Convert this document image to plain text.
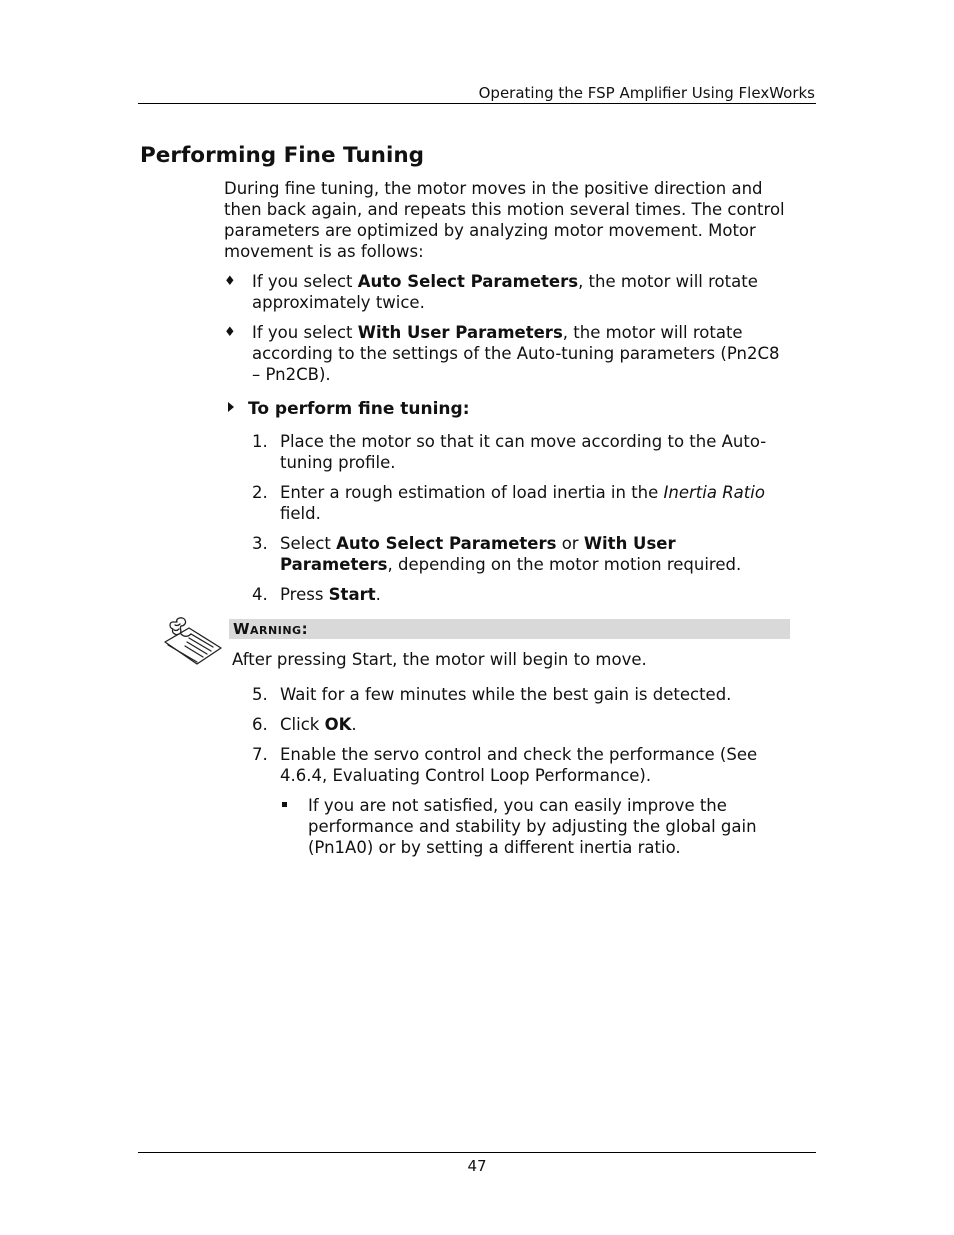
Operating the FSP Amplifier Using FlexWorks
Performing Fine Tuning
During fine tuning, the motor moves in the positive direction and
then back again, and repeats this motion several times. The control
parameters are optimized by analyzing motor movement. Motor
movement is as follows:
♦ If you select Auto Select Parameters, the motor will rotate
approximately twice.
♦ If you select With User Parameters, the motor will rotate
according to the settings of the Auto-tuning parameters (Pn2C8
– Pn2CB).
To perform fine tuning:
1. Place the motor so that it can move according to the Auto-
tuning profile.
2. Enter a rough estimation of load inertia in the Inertia Ratio
field.
3. Select Auto Select Parameters or With User
Parameters, depending on the motor motion required.
4. Press Start.
Warning:
After pressing Start, the motor will begin to move.
5. Wait for a few minutes while the best gain is detected.
6. Click OK.
7. Enable the servo control and check the performance (See
4.6.4, Evaluating Control Loop Performance).
If you are not satisfied, you can easily improve the
performance and stability by adjusting the global gain
(Pn1A0) or by setting a different inertia ratio.
47
